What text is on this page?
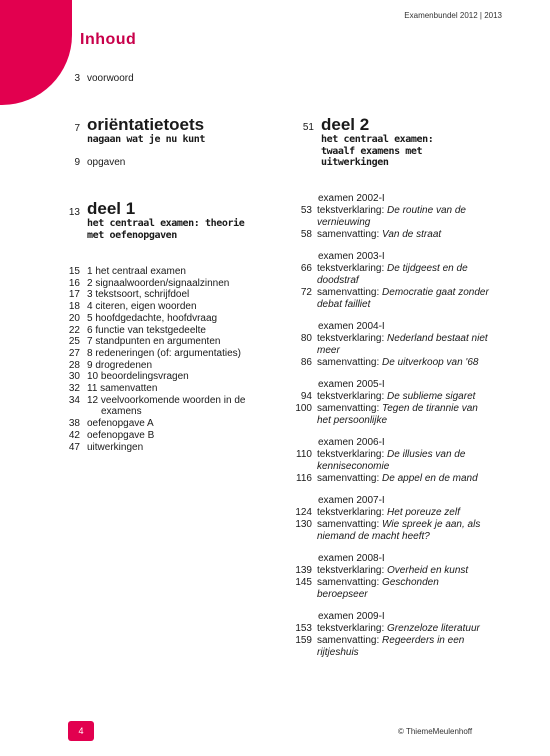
Examenbundel 2012 | 2013
Inhoud
3 voorwoord
7 oriëntatietoets
nagaan wat je nu kunt
9 opgaven
13 deel 1
het centraal examen: theorie
met oefenopgaven
15 1 het centraal examen
16 2 signaalwoorden/signaalzinnen
17 3 tekstsoort, schrijfdoel
18 4 citeren, eigen woorden
20 5 hoofdgedachte, hoofdvraag
22 6 functie van tekstgedeelte
25 7 standpunten en argumenten
27 8 redeneringen (of: argumentaties)
28 9 drogredenen
30 10 beoordelingsvragen
32 11 samenvatten
34 12 veelvoorkomende woorden in de
examens
38 oefenopgave A
42 oefenopgave B
47 uitwerkingen
51 deel 2
het centraal examen:
twaalf examens met
uitwerkingen
examen 2002-I
53 tekstverklaring: De routine van de
vernieuwing
58 samenvatting: Van de straat
examen 2003-I
66 tekstverklaring: De tijdgeest en de
doodstraf
72 samenvatting: Democratie gaat zonder
debat failliet
examen 2004-I
80 tekstverklaring: Nederland bestaat niet
meer
86 samenvatting: De uitverkoop van '68
examen 2005-I
94 tekstverklaring: De sublieme sigaret
100 samenvatting: Tegen de tirannie van
het persoonlijke
examen 2006-I
110 tekstverklaring: De illusies van de
kenniseconomie
116 samenvatting: De appel en de mand
examen 2007-I
124 tekstverklaring: Het poreuze zelf
130 samenvatting: Wie spreek je aan, als
niemand de macht heeft?
examen 2008-I
139 tekstverklaring: Overheid en kunst
145 samenvatting: Geschonden
beroepseer
examen 2009-I
153 tekstverklaring: Grenzeloze literatuur
159 samenvatting: Regeerders in een
rijtjeshuis
4	© ThiemeMeulenhoff
